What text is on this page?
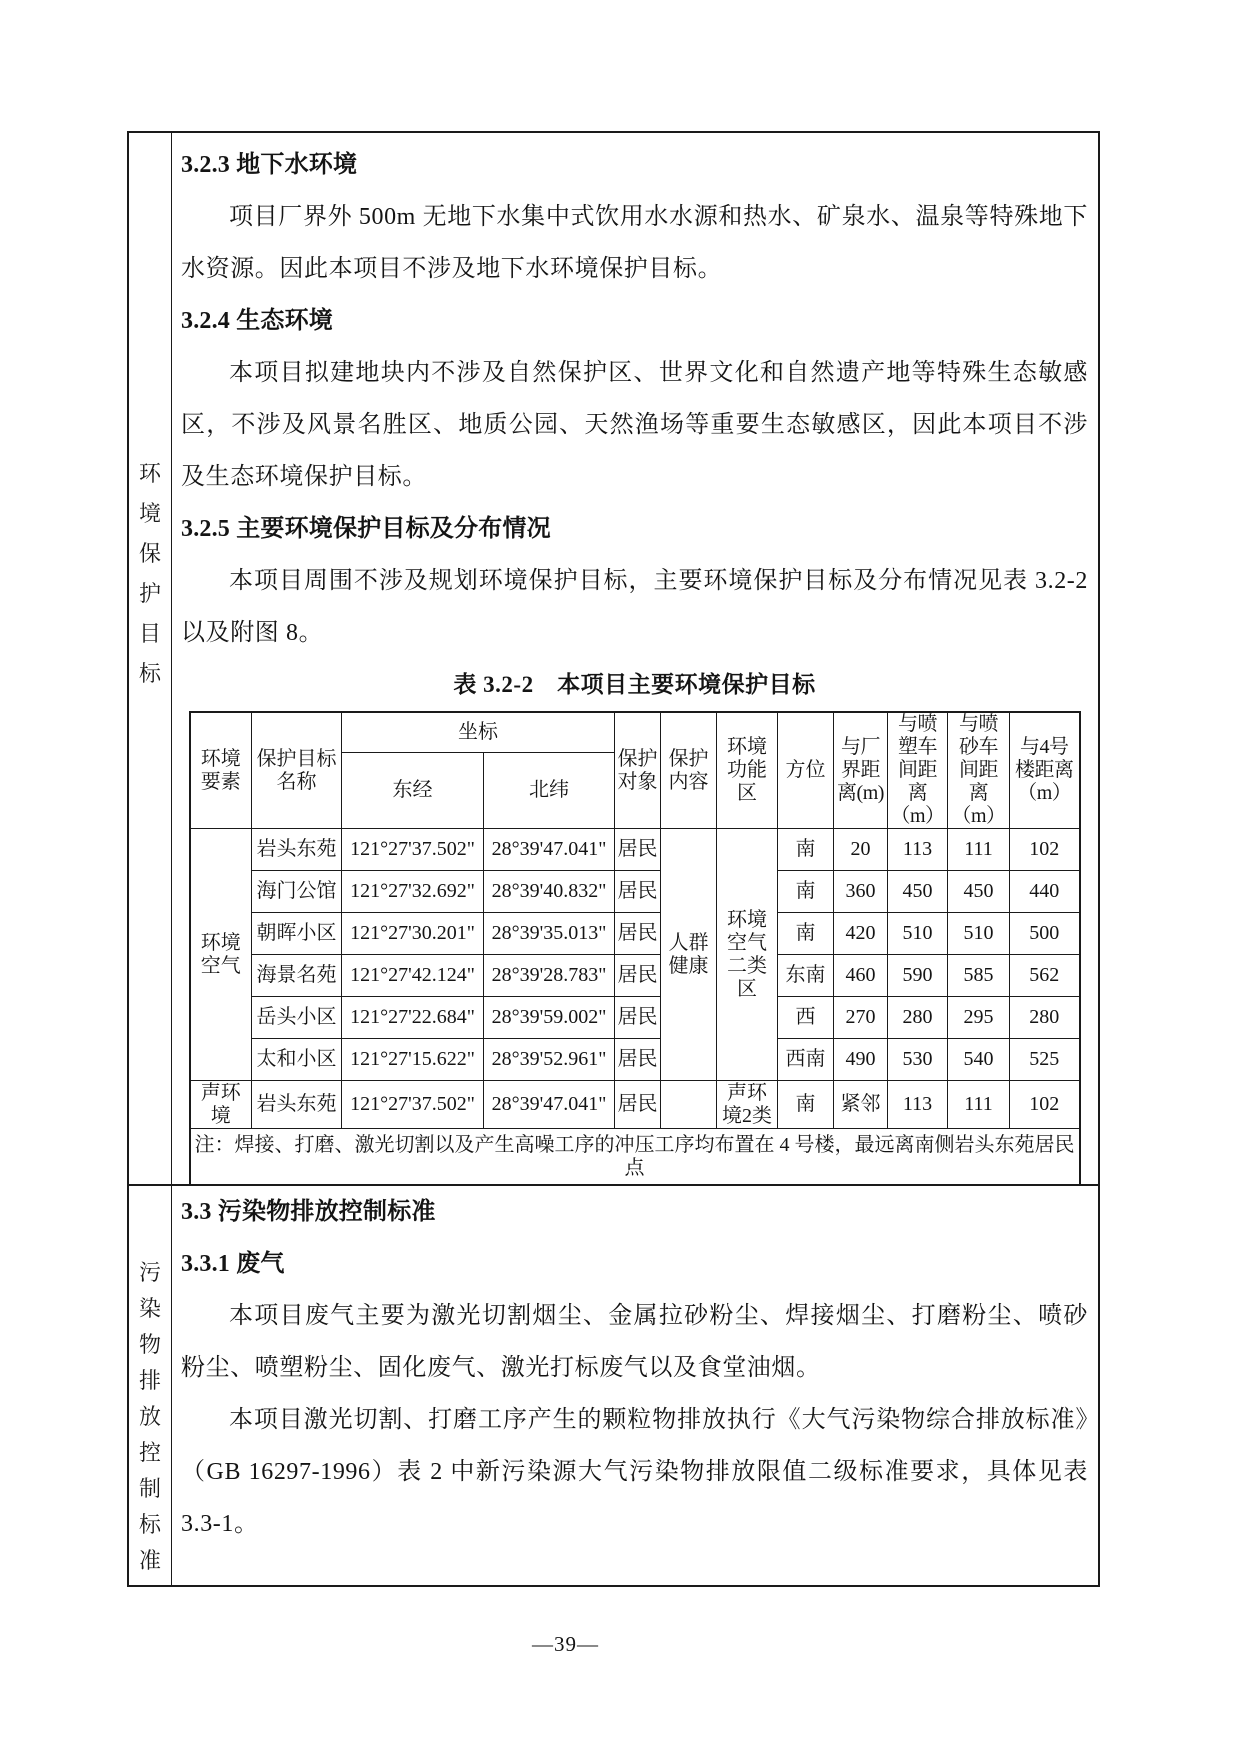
环境保护目标
3.2.3 地下水环境

项目厂界外 500m 无地下水集中式饮用水水源和热水、矿泉水、温泉等特殊地下水资源。因此本项目不涉及地下水环境保护目标。

3.2.4 生态环境

本项目拟建地块内不涉及自然保护区、世界文化和自然遗产地等特殊生态敏感区，不涉及风景名胜区、地质公园、天然渔场等重要生态敏感区，因此本项目不涉及生态环境保护目标。

3.2.5 主要环境保护目标及分布情况

本项目周围不涉及规划环境保护目标，主要环境保护目标及分布情况见表 3.2-2 以及附图 8。

表 3.2-2　本项目主要环境保护目标

环境要素	保护目标名称	坐标		保护对象	保护内容	环境功能区	方位	与厂界距离(m)	与喷塑车间距离（m）	与喷砂车间距离（m）	与4号楼距离（m）
		东经	北纬								
环境空气	岩头东苑	121°27'37.502"	28°39'47.041"	居民	人群健康	环境空气二类区	南	20	113	111	102
	海门公馆	121°27'32.692"	28°39'40.832"	居民			南	360	450	450	440
	朝晖小区	121°27'30.201"	28°39'35.013"	居民			南	420	510	510	500
	海景名苑	121°27'42.124"	28°39'28.783"	居民			东南	460	590	585	562
	岳头小区	121°27'22.684"	28°39'59.002"	居民			西	270	280	295	280
	太和小区	121°27'15.622"	28°39'52.961"	居民			西南	490	530	540	525
声环境	岩头东苑	121°27'37.502"	28°39'47.041"	居民		声环境2类	南	紧邻	113	111	102
注：焊接、打磨、激光切割以及产生高噪工序的冲压工序均布置在 4 号楼，最远离南侧岩头东苑居民点											
污染物排放控制标准
3.3 污染物排放控制标准
3.3.1 废气

本项目废气主要为激光切割烟尘、金属拉砂粉尘、焊接烟尘、打磨粉尘、喷砂粉尘、喷塑粉尘、固化废气、激光打标废气以及食堂油烟。

本项目激光切割、打磨工序产生的颗粒物排放执行《大气污染物综合排放标准》（GB 16297-1996）表 2 中新污染源大气污染物排放限值二级标准要求，具体见表 3.3-1。

—39—
